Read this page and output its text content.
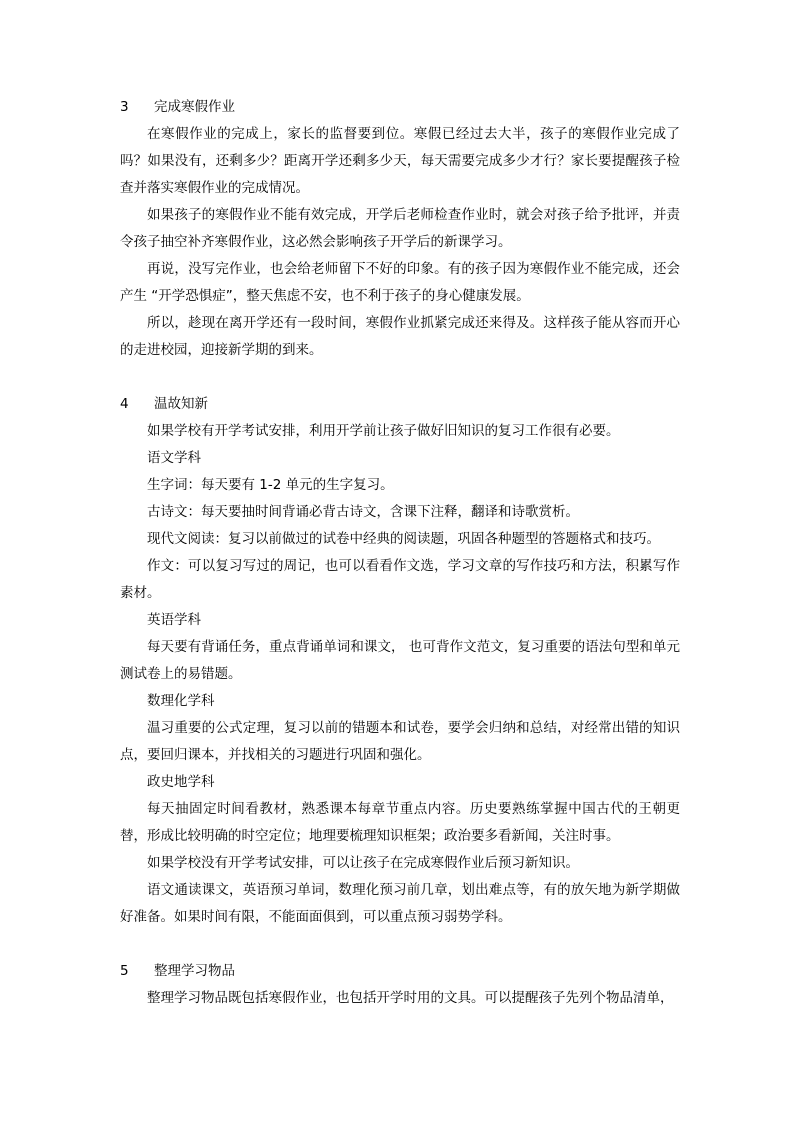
3	完成寒假作业

在寒假作业的完成上，家长的监督要到位。寒假已经过去大半，孩子的寒假作业完成了吗？如果没有，还剩多少？距离开学还剩多少天，每天需要完成多少才行？家长要提醒孩子检查并落实寒假作业的完成情况。

如果孩子的寒假作业不能有效完成，开学后老师检查作业时，就会对孩子给予批评，并责令孩子抽空补齐寒假作业，这必然会影响孩子开学后的新课学习。

再说，没写完作业，也会给老师留下不好的印象。有的孩子因为寒假作业不能完成，还会产生 “开学恐惧症”，整天焦虑不安，也不利于孩子的身心健康发展。

所以，趁现在离开学还有一段时间，寒假作业抓紧完成还来得及。这样孩子能从容而开心的走进校园，迎接新学期的到来。

4	温故知新

如果学校有开学考试安排，利用开学前让孩子做好旧知识的复习工作很有必要。

语文学科

生字词：每天要有 1-2 单元的生字复习。

古诗文：每天要抽时间背诵必背古诗文，含课下注释，翻译和诗歌赏析。

现代文阅读：复习以前做过的试卷中经典的阅读题，巩固各种题型的答题格式和技巧。

作文：可以复习写过的周记，也可以看看作文选，学习文章的写作技巧和方法，积累写作素材。

英语学科

每天要有背诵任务，重点背诵单词和课文， 也可背作文范文，复习重要的语法句型和单元测试卷上的易错题。

数理化学科

温习重要的公式定理，复习以前的错题本和试卷，要学会归纳和总结，对经常出错的知识点，要回归课本，并找相关的习题进行巩固和强化。

政史地学科

每天抽固定时间看教材，熟悉课本每章节重点内容。历史要熟练掌握中国古代的王朝更替，形成比较明确的时空定位；地理要梳理知识框架；政治要多看新闻，关注时事。

如果学校没有开学考试安排，可以让孩子在完成寒假作业后预习新知识。

语文通读课文，英语预习单词，数理化预习前几章，划出难点等，有的放矢地为新学期做好准备。如果时间有限，不能面面俱到，可以重点预习弱势学科。

5	整理学习物品

整理学习物品既包括寒假作业，也包括开学时用的文具。可以提醒孩子先列个物品清单，
